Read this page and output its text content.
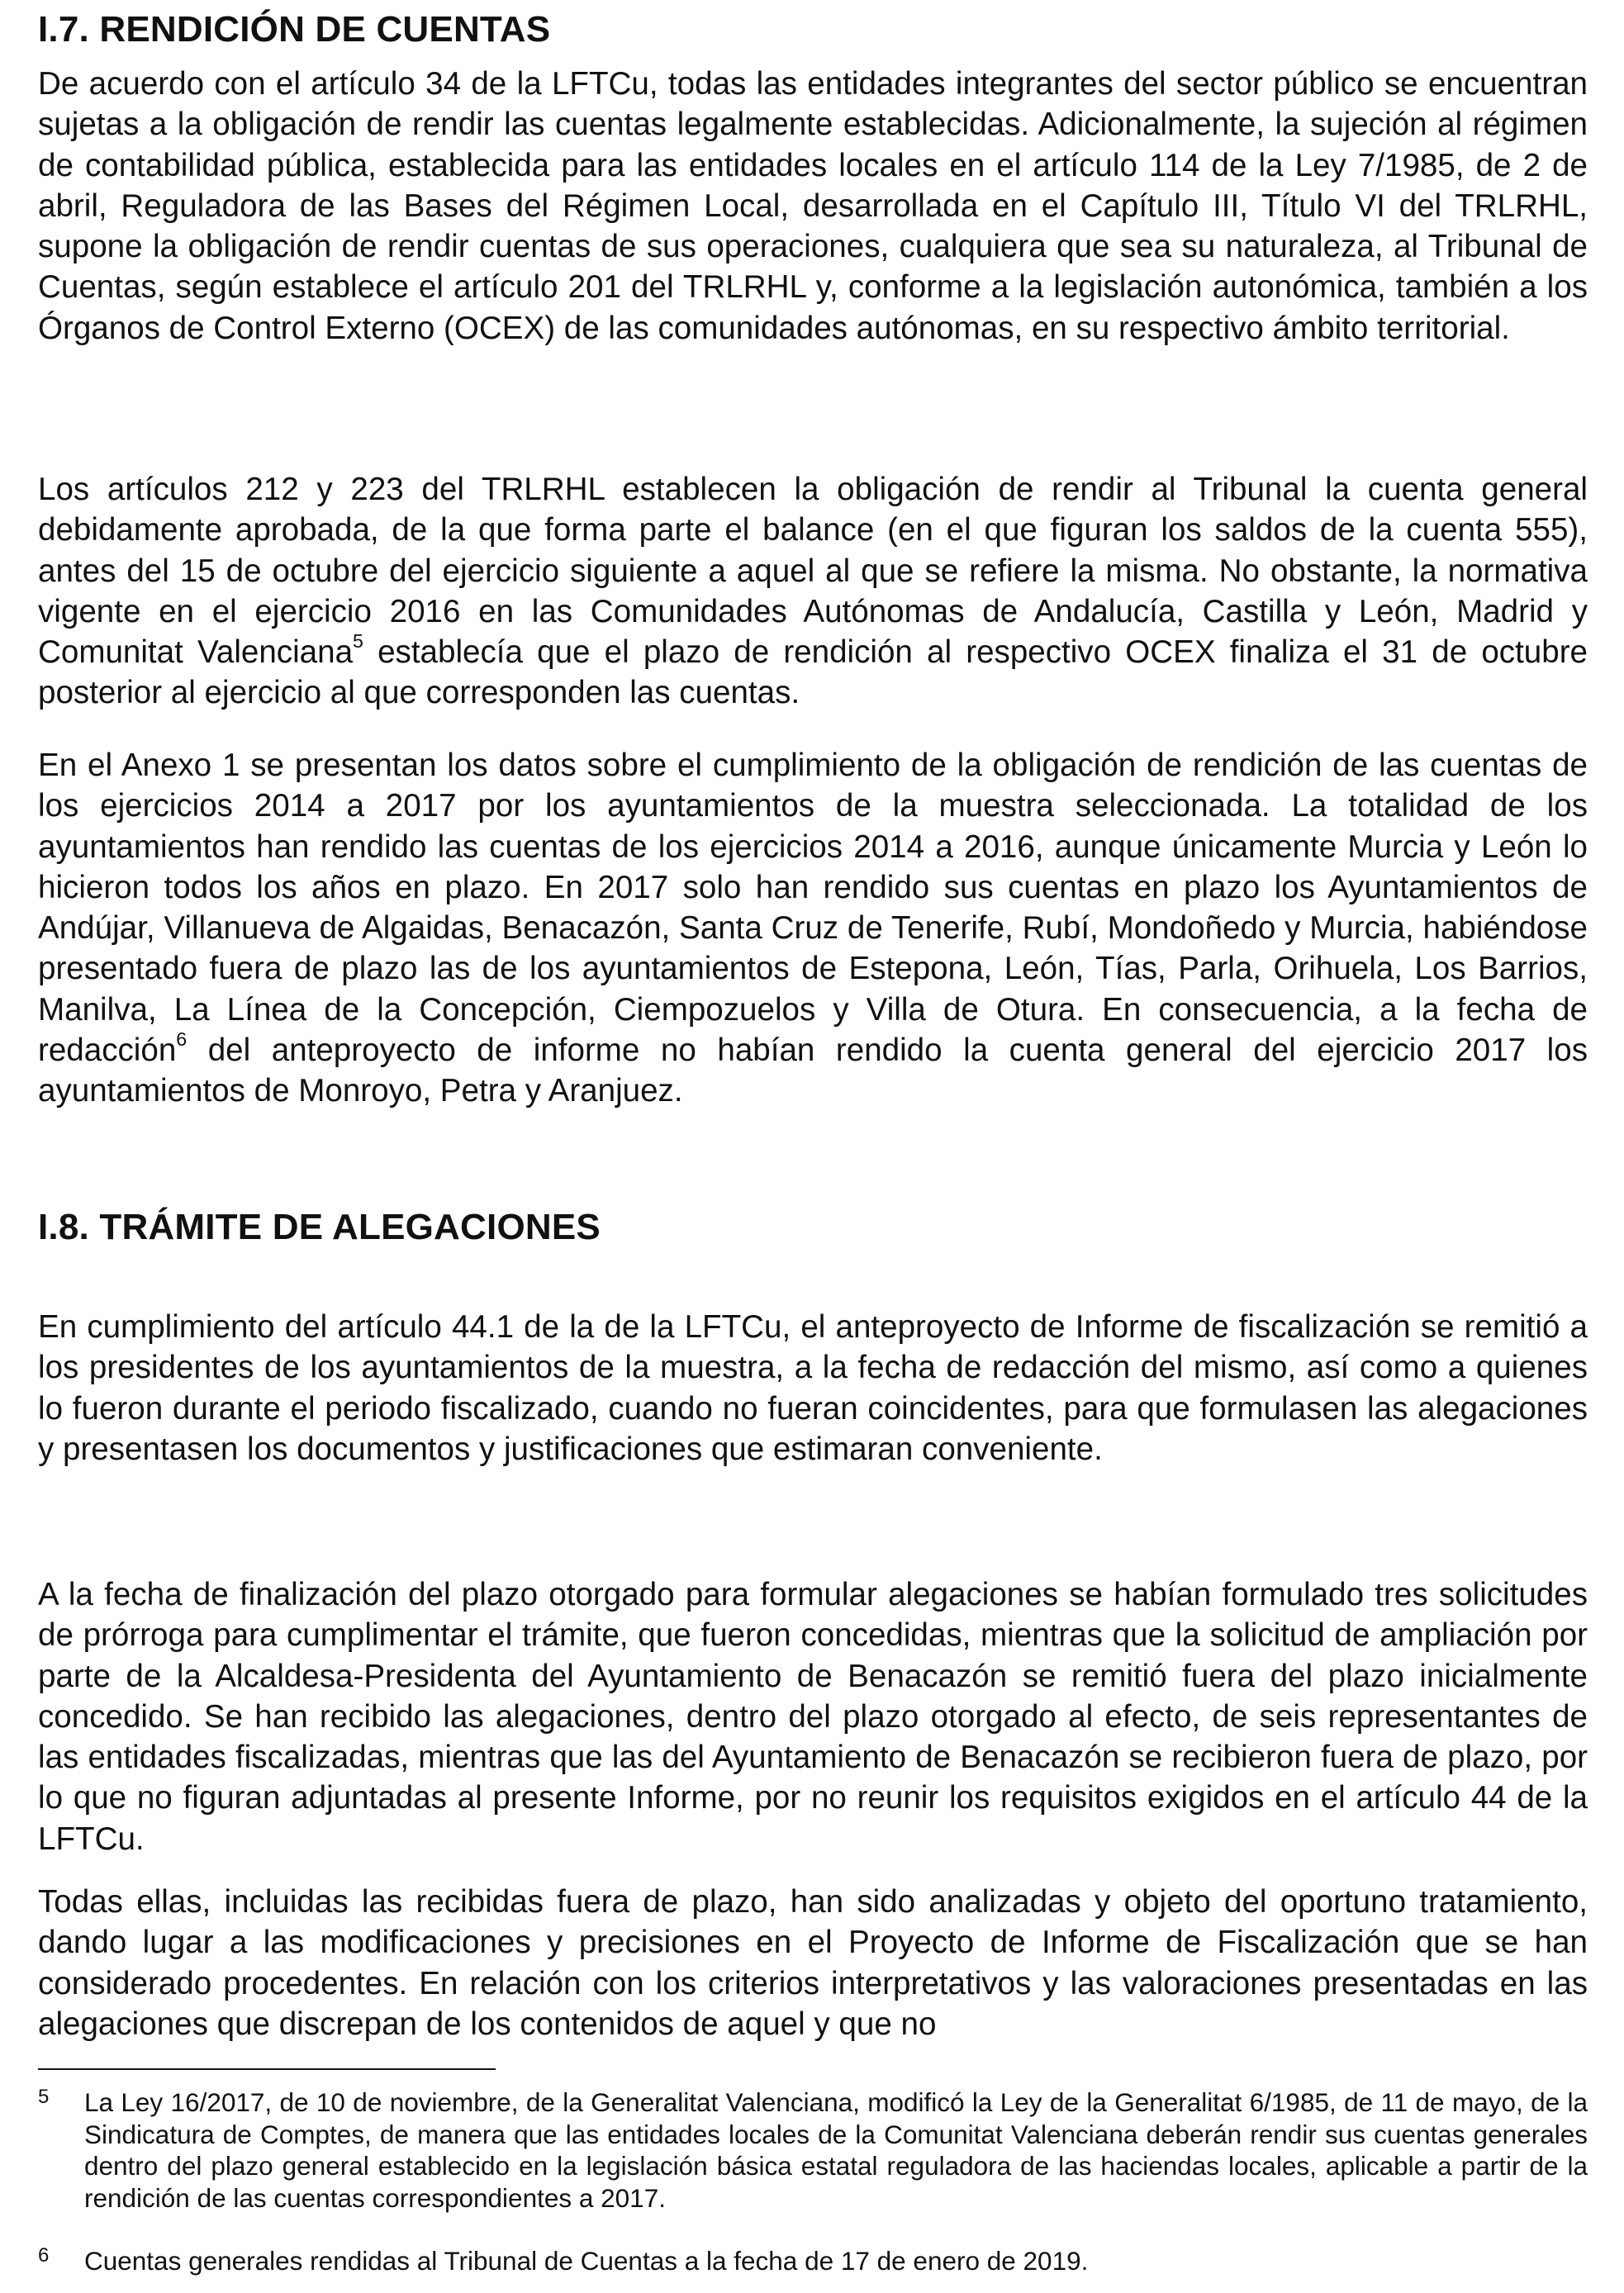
I.7. RENDICIÓN DE CUENTAS

De acuerdo con el artículo 34 de la LFTCu, todas las entidades integrantes del sector público se encuentran sujetas a la obligación de rendir las cuentas legalmente establecidas. Adicionalmente, la sujeción al régimen de contabilidad pública, establecida para las entidades locales en el artículo 114 de la Ley 7/1985, de 2 de abril, Reguladora de las Bases del Régimen Local, desarrollada en el Capítulo III, Título VI del TRLRHL, supone la obligación de rendir cuentas de sus operaciones, cualquiera que sea su naturaleza, al Tribunal de Cuentas, según establece el artículo 201 del TRLRHL y, conforme a la legislación autonómica, también a los Órganos de Control Externo (OCEX) de las comunidades autónomas, en su respectivo ámbito territorial.

Los artículos 212 y 223 del TRLRHL establecen la obligación de rendir al Tribunal la cuenta general debidamente aprobada, de la que forma parte el balance (en el que figuran los saldos de la cuenta 555), antes del 15 de octubre del ejercicio siguiente a aquel al que se refiere la misma. No obstante, la normativa vigente en el ejercicio 2016 en las Comunidades Autónomas de Andalucía, Castilla y León, Madrid y Comunitat Valenciana$^5$ establecía que el plazo de rendición al respectivo OCEX finaliza el 31 de octubre posterior al ejercicio al que corresponden las cuentas.

En el Anexo 1 se presentan los datos sobre el cumplimiento de la obligación de rendición de las cuentas de los ejercicios 2014 a 2017 por los ayuntamientos de la muestra seleccionada. La totalidad de los ayuntamientos han rendido las cuentas de los ejercicios 2014 a 2016, aunque únicamente Murcia y León lo hicieron todos los años en plazo. En 2017 solo han rendido sus cuentas en plazo los Ayuntamientos de Andújar, Villanueva de Algaidas, Benacazón, Santa Cruz de Tenerife, Rubí, Mondoñedo y Murcia, habiéndose presentado fuera de plazo las de los ayuntamientos de Estepona, León, Tías, Parla, Orihuela, Los Barrios, Manilva, La Línea de la Concepción, Ciempozuelos y Villa de Otura. En consecuencia, a la fecha de redacción$^6$ del anteproyecto de informe no habían rendido la cuenta general del ejercicio 2017 los ayuntamientos de Monroyo, Petra y Aranjuez.

I.8. TRÁMITE DE ALEGACIONES

En cumplimiento del artículo 44.1 de la de la LFTCu, el anteproyecto de Informe de fiscalización se remitió a los presidentes de los ayuntamientos de la muestra, a la fecha de redacción del mismo, así como a quienes lo fueron durante el periodo fiscalizado, cuando no fueran coincidentes, para que formulasen las alegaciones y presentasen los documentos y justificaciones que estimaran conveniente.

A la fecha de finalización del plazo otorgado para formular alegaciones se habían formulado tres solicitudes de prórroga para cumplimentar el trámite, que fueron concedidas, mientras que la solicitud de ampliación por parte de la Alcaldesa-Presidenta del Ayuntamiento de Benacazón se remitió fuera del plazo inicialmente concedido. Se han recibido las alegaciones, dentro del plazo otorgado al efecto, de seis representantes de las entidades fiscalizadas, mientras que las del Ayuntamiento de Benacazón se recibieron fuera de plazo, por lo que no figuran adjuntadas al presente Informe, por no reunir los requisitos exigidos en el artículo 44 de la LFTCu.

Todas ellas, incluidas las recibidas fuera de plazo, han sido analizadas y objeto del oportuno tratamiento, dando lugar a las modificaciones y precisiones en el Proyecto de Informe de Fiscalización que se han considerado procedentes. En relación con los criterios interpretativos y las valoraciones presentadas en las alegaciones que discrepan de los contenidos de aquel y que no

5 La Ley 16/2017, de 10 de noviembre, de la Generalitat Valenciana, modificó la Ley de la Generalitat 6/1985, de 11 de mayo, de la Sindicatura de Comptes, de manera que las entidades locales de la Comunitat Valenciana deberán rendir sus cuentas generales dentro del plazo general establecido en la legislación básica estatal reguladora de las haciendas locales, aplicable a partir de la rendición de las cuentas correspondientes a 2017.
6 Cuentas generales rendidas al Tribunal de Cuentas a la fecha de 17 de enero de 2019.
